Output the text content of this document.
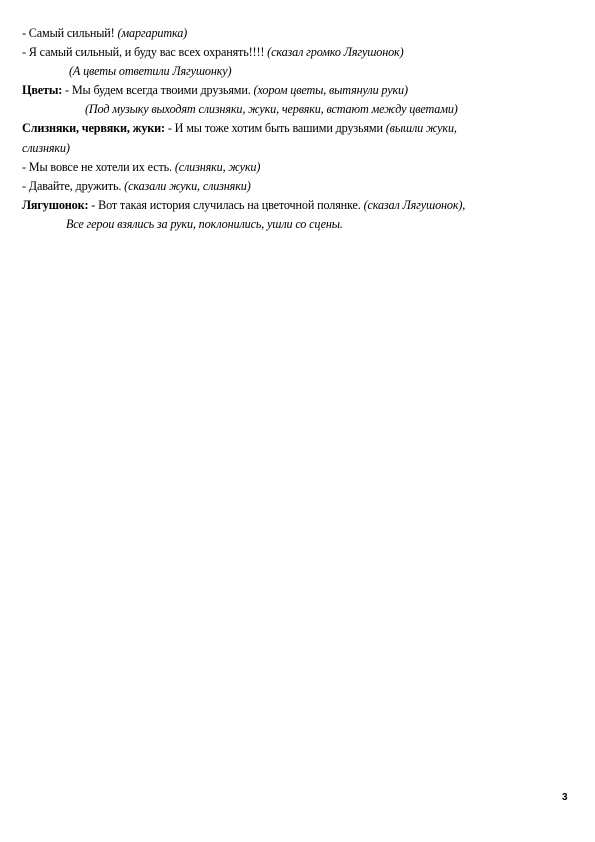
- Самый сильный! (маргаритка)
- Я самый сильный, и буду вас всех охранять!!!! (сказал громко Лягушонок)
(А цветы ответили Лягушонку)
Цветы: - Мы будем всегда твоими друзьями. (хором цветы, вытянули руки)
(Под музыку выходят слизняки, жуки, червяки, встают между цветами)
Слизняки, червяки, жуки: - И мы тоже хотим быть вашими друзьями (вышли жуки,
слизняки)
- Мы вовсе не хотели их есть. (слизняки, жуки)
- Давайте, дружить. (сказали жуки, слизняки)
Лягушонок: - Вот такая история случилась на цветочной полянке. (сказал Лягушонок),
Все герои взялись за руки, поклонились, ушли со сцены.
3
